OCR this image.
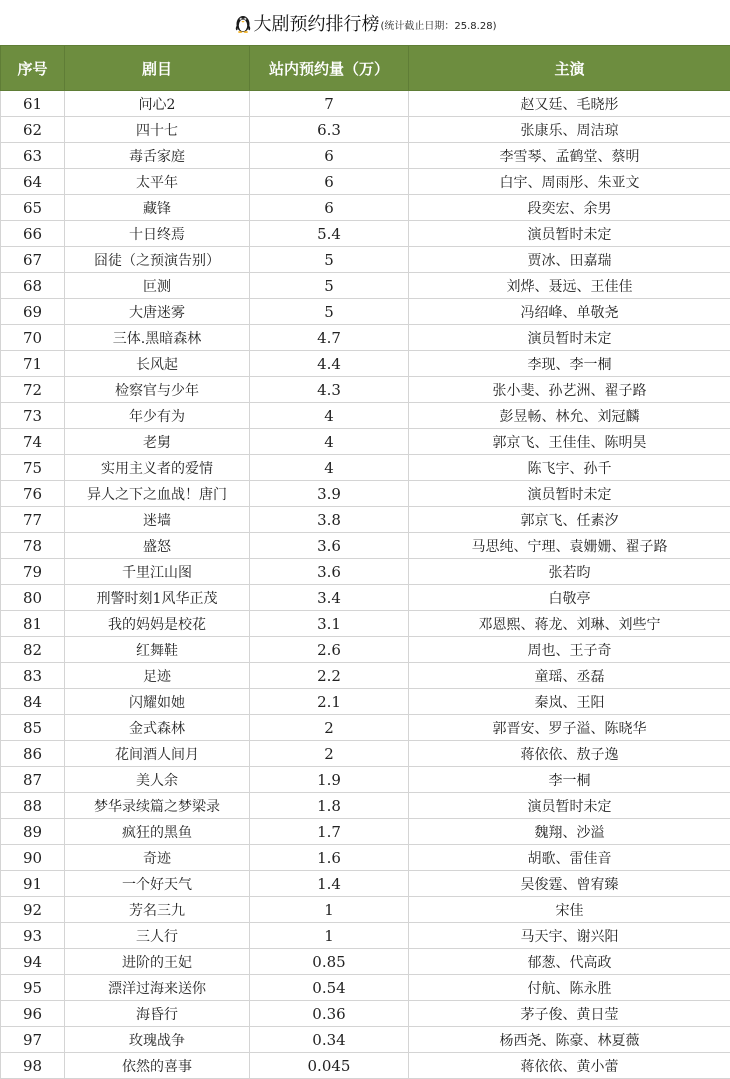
大剧预约排行榜 (统计截止日期：25.8.28)
序号	剧目	站内预约量（万）	主演
61	问心2	7	赵又廷、毛晓彤
62	四十七	6.3	张康乐、周洁琼
63	毒舌家庭	6	李雪琴、孟鹤堂、蔡明
64	太平年	6	白宇、周雨彤、朱亚文
65	藏锋	6	段奕宏、余男
66	十日终焉	5.4	演员暂时未定
67	囧徒（之预演告别）	5	贾冰、田嘉瑞
68	叵测	5	刘烨、聂远、王佳佳
69	大唐迷雾	5	冯绍峰、单敬尧
70	三体.黑暗森林	4.7	演员暂时未定
71	长风起	4.4	李现、李一桐
72	检察官与少年	4.3	张小斐、孙艺洲、翟子路
73	年少有为	4	彭昱畅、林允、刘冠麟
74	老舅	4	郭京飞、王佳佳、陈明昊
75	实用主义者的爱情	4	陈飞宇、孙千
76	异人之下之血战！唐门	3.9	演员暂时未定
77	迷墙	3.8	郭京飞、任素汐
78	盛怒	3.6	马思纯、宁理、袁姗姗、翟子路
79	千里江山图	3.6	张若昀
80	刑警时刻1风华正茂	3.4	白敬亭
81	我的妈妈是校花	3.1	邓恩熙、蒋龙、刘琳、刘些宁
82	红舞鞋	2.6	周也、王子奇
83	足迹	2.2	童瑶、丞磊
84	闪耀如她	2.1	秦岚、王阳
85	金式森林	2	郭晋安、罗子溢、陈晓华
86	花间酒人间月	2	蒋依依、敖子逸
87	美人余	1.9	李一桐
88	梦华录续篇之梦梁录	1.8	演员暂时未定
89	疯狂的黑鱼	1.7	魏翔、沙溢
90	奇迹	1.6	胡歌、雷佳音
91	一个好天气	1.4	吴俊霆、曾宥臻
92	芳名三九	1	宋佳
93	三人行	1	马天宇、谢兴阳
94	进阶的王妃	0.85	郁葱、代高政
95	漂洋过海来送你	0.54	付航、陈永胜
96	海昏行	0.36	茅子俊、黄日莹
97	玫瑰战争	0.34	杨西尧、陈豪、林夏薇
98	依然的喜事	0.045	蒋依依、黄小蕾
